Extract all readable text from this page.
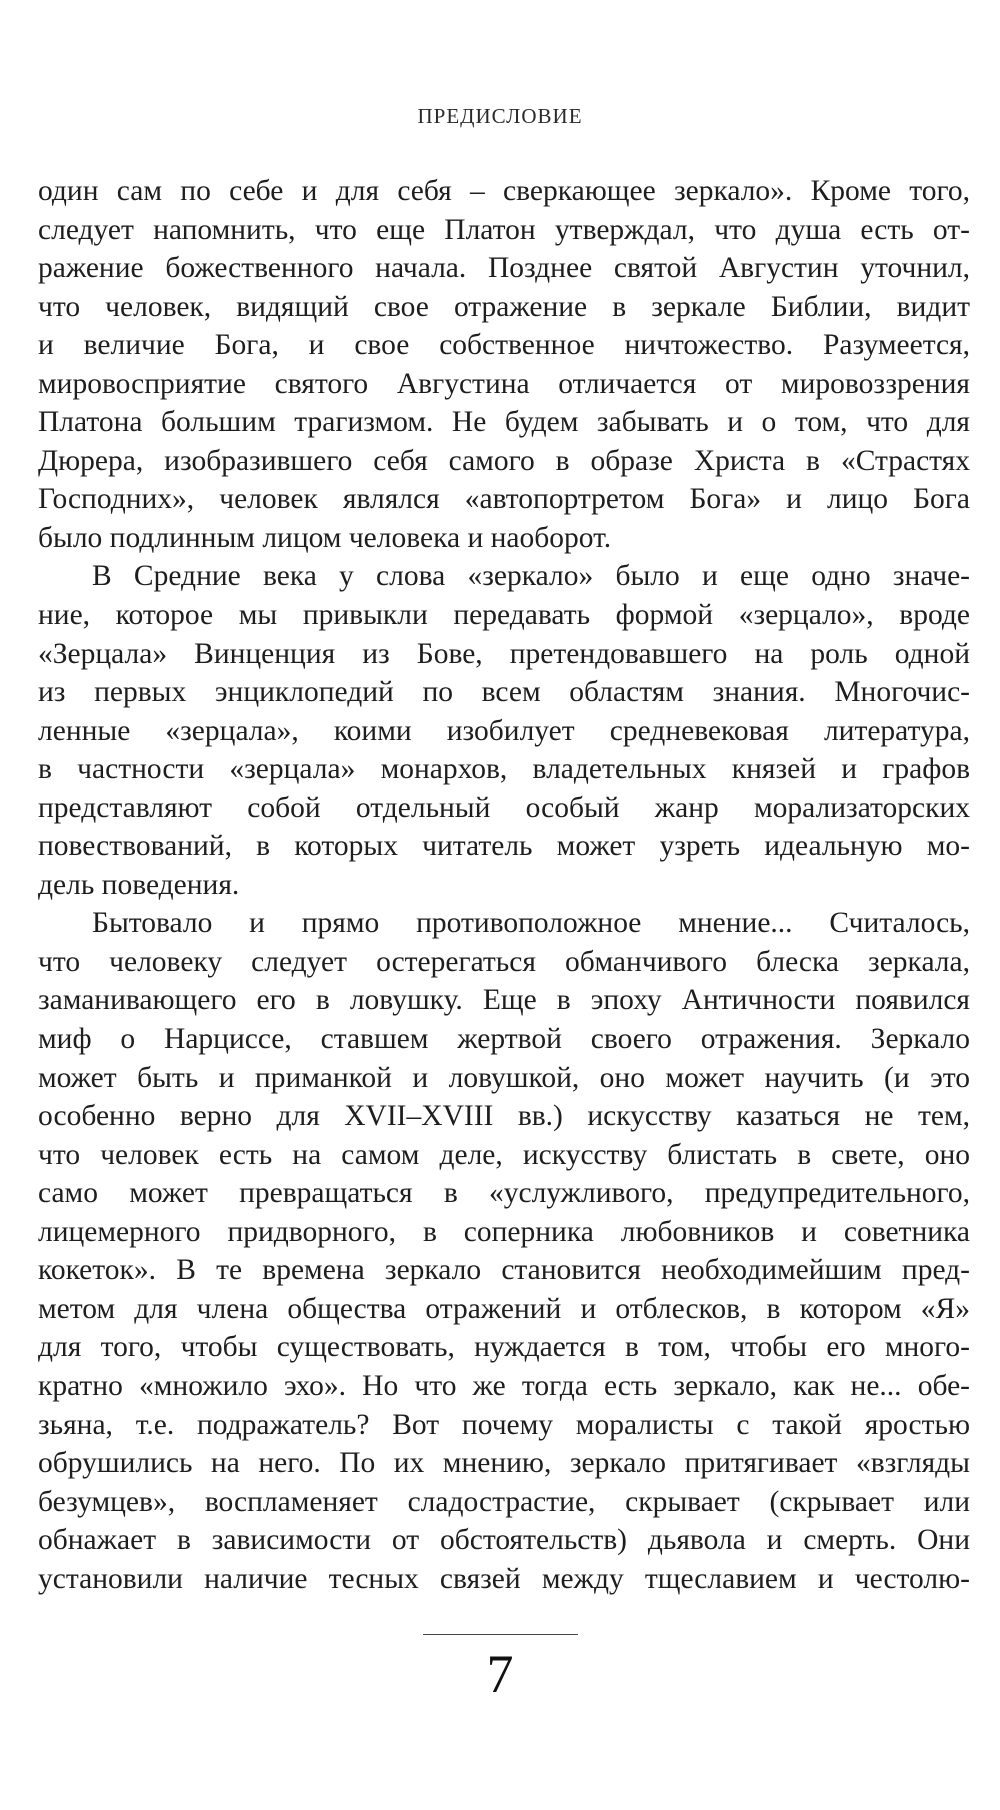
ПРЕДИСЛОВИЕ
один сам по себе и для себя – сверкающее зеркало». Кроме того,
следует напомнить, что еще Платон утверждал, что душа есть от-
ражение божественного начала. Позднее святой Августин уточнил,
что человек, видящий свое отражение в зеркале Библии, видит
и величие Бога, и свое собственное ничтожество. Разумеется,
мировосприятие святого Августина отличается от мировоззрения
Платона большим трагизмом. Не будем забывать и о том, что для
Дюрера, изобразившего себя самого в образе Христа в «Страстях
Господних», человек являлся «автопортретом Бога» и лицо Бога
было подлинным лицом человека и наоборот.
В Средние века у слова «зеркало» было и еще одно значе-
ние, которое мы привыкли передавать формой «зерцало», вроде
«Зерцала» Винценция из Бове, претендовавшего на роль одной
из первых энциклопедий по всем областям знания. Многочис-
ленные «зерцала», коими изобилует средневековая литература,
в частности «зерцала» монархов, владетельных князей и графов
представляют собой отдельный особый жанр морализаторских
повествований, в которых читатель может узреть идеальную мо-
дель поведения.
Бытовало и прямо противоположное мнение... Считалось,
что человеку следует остерегаться обманчивого блеска зеркала,
заманивающего его в ловушку. Еще в эпоху Античности появился
миф о Нарциссе, ставшем жертвой своего отражения. Зеркало
может быть и приманкой и ловушкой, оно может научить (и это
особенно верно для XVII–XVIII вв.) искусству казаться не тем,
что человек есть на самом деле, искусству блистать в свете, оно
само может превращаться в «услужливого, предупредительного,
лицемерного придворного, в соперника любовников и советника
кокеток». В те времена зеркало становится необходимейшим пред-
метом для члена общества отражений и отблесков, в котором «Я»
для того, чтобы существовать, нуждается в том, чтобы его много-
кратно «множило эхо». Но что же тогда есть зеркало, как не... обе-
зьяна, т.е. подражатель? Вот почему моралисты с такой яростью
обрушились на него. По их мнению, зеркало притягивает «взгляды
безумцев», воспламеняет сладострастие, скрывает (скрывает или
обнажает в зависимости от обстоятельств) дьявола и смерть. Они
установили наличие тесных связей между тщеславием и честолю-
7
